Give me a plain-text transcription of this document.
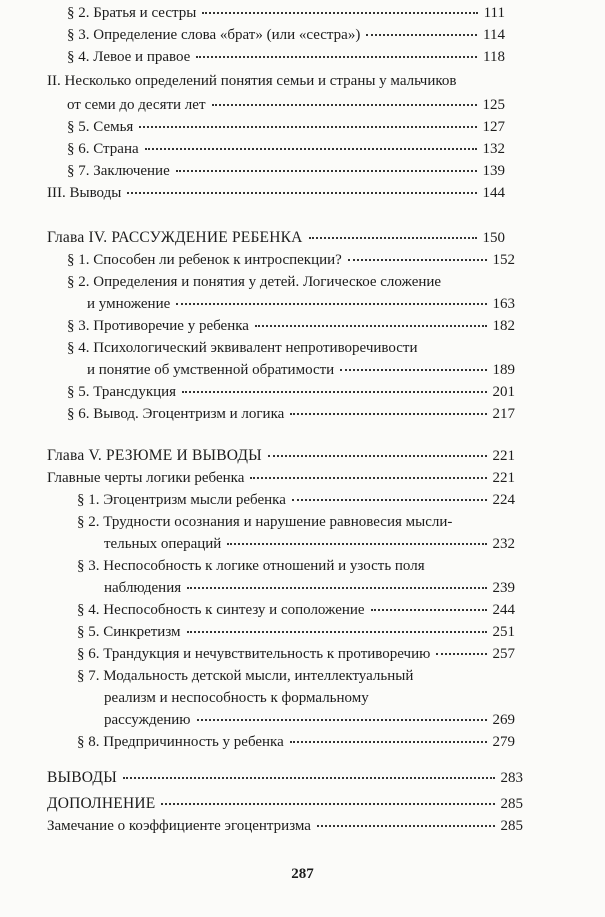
§ 2. Братья и сестры	111
§ 3. Определение слова «брат» (или «сестра»)	114
§ 4. Левое и правое	118
II. Несколько определений понятия семьи и страны у мальчиков
от семи до десяти лет	125
§ 5. Семья	127
§ 6. Страна	132
§ 7. Заключение	139
III. Выводы	144
Глава IV. РАССУЖДЕНИЕ РЕБЕНКА	150
§ 1. Способен ли ребенок к интроспекции?	152
§ 2. Определения и понятия у детей. Логическое сложение
и умножение	163
§ 3. Противоречие у ребенка	182
§ 4. Психологический эквивалент непротиворечивости
и понятие об умственной обратимости	189
§ 5. Трансдукция	201
§ 6. Вывод. Эгоцентризм и логика	217
Глава V. РЕЗЮМЕ И ВЫВОДЫ	221
Главные черты логики ребенка	221
§ 1. Эгоцентризм мысли ребенка	224
§ 2. Трудности осознания и нарушение равновесия мысли-
тельных операций	232
§ 3. Неспособность к логике отношений и узость поля
наблюдения	239
§ 4. Неспособность к синтезу и соположение	244
§ 5. Синкретизм	251
§ 6. Трандукция и нечувствительность к противоречию	257
§ 7. Модальность детской мысли, интеллектуальный
реализм и неспособность к формальному
рассуждению	269
§ 8. Предпричинность у ребенка	279
ВЫВОДЫ	283
ДОПОЛНЕНИЕ	285
Замечание о коэффициенте эгоцентризма	285
287
